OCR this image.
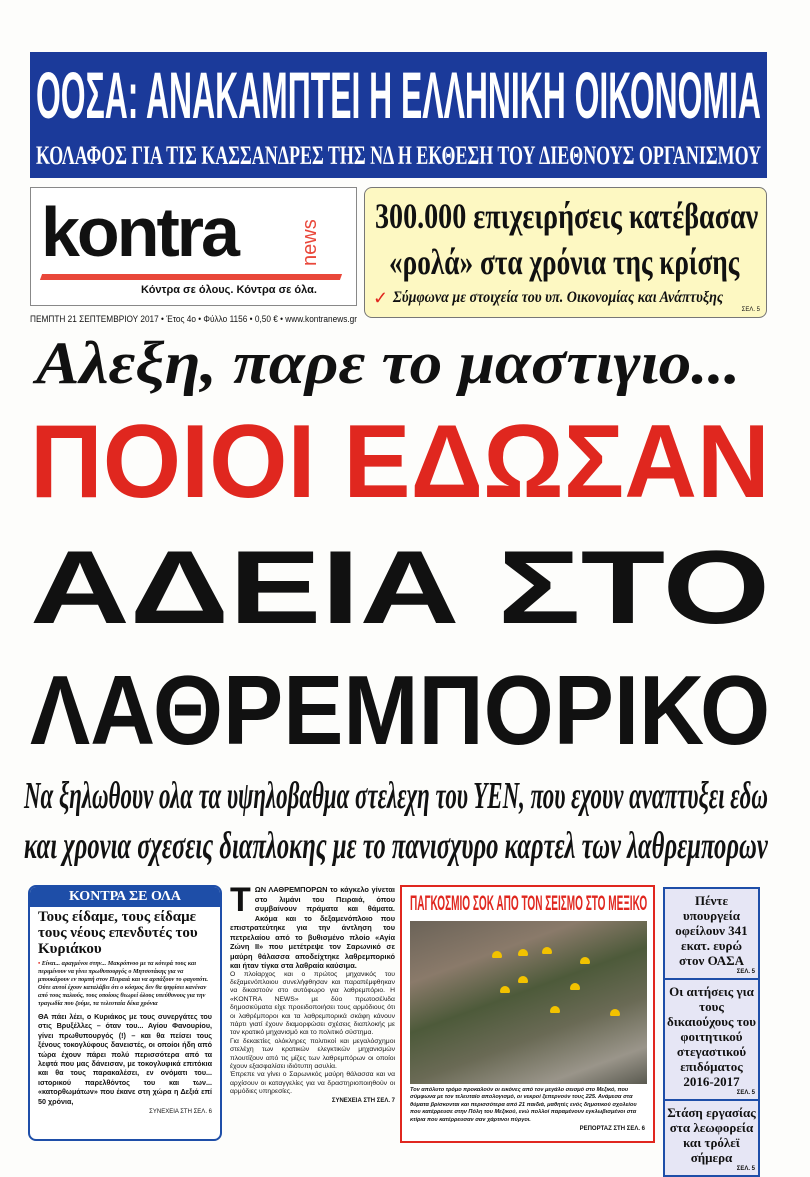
ΟΟΣΑ: ΑΝΑΚΑΜΠΤΕΙ Η ΕΛΛΗΝΙΚΗ ΟΙΚΟΝΟΜΙΑ
ΚΟΛΑΦΟΣ ΓΙΑ ΤΙΣ ΚΑΣΣΑΝΔΡΕΣ ΤΗΣ ΝΔ Η ΕΚΘΕΣΗ ΤΟΥ ΔΙΕΘΝΟΥΣ ΟΡΓΑΝΙΣΜΟΥ
kontra	news
Κόντρα σε όλους. Κόντρα σε όλα.
ΠΕΜΠΤΗ 21 ΣΕΠΤΕΜΒΡΙΟΥ 2017 • Έτος 4ο • Φύλλο 1156 • 0,50 € • www.kontranews.gr
300.000 επιχειρήσεις κατέβασαν
«ρολά» στα χρόνια της κρίσης
✓ Σύμφωνα με στοιχεία του υπ. Οικονομίας και Ανάπτυξης
ΣΕΛ. 5
Αλεξη, παρε το μαστιγιο...
ΠΟΙΟΙ ΕΔΩΣΑΝ
ΑΔΕΙΑ ΣΤΟ
ΛΑΘΡΕΜΠΟΡΙΚΟ
Να ξηλωθουν ολα τα υψηλοβαθμα στελεχη του ΥΕΝ, που εχουν αναπτυξει εδω
και χρονια σχεσεις διαπλοκης με το πανισχυρο καρτελ των λαθρεμπορων
ΚΟΝΤΡΑ ΣΕ ΟΛΑ
Τους είδαμε, τους είδαμε τους νέους επενδυτές του Κυριάκου
• Είναι... αραγμένοι στην... Μακρόπνοο με τα κότερά τους και περιμένουν να γίνει πρωθυπουργός ο Μητσοτάκης για να μπουκάρουν εν πομπή στον Πειραιά και να αρπάξουν το φαγοπότι. Ούτε αυτοί έχουν καταλάβει ότι ο κόσμος δεν θα ψηφίσει κανέναν από τους παλιούς, τους οποίους θεωρεί όλους υπεύθυνους για την τραγωδία που ζούμε, τα τελευταία δέκα χρόνια
ΘΑ πάει λέει, ο Κυριάκος με τους συνεργάτες του στις Βρυξέλλες – όταν του... Αγίου Φανουρίου, γίνει πρωθυπουργός (!) – και θα πείσει τους ξένους τοκογλύφους δανειστές, οι οποίοι ήδη από τώρα έχουν πάρει πολύ περισσότερα από τα λεφτά που μας δάνεισαν, με τοκογλυφικά επιτόκια και θα τους παρακαλέσει, εν ονόματι του... ιστορικού παρελθόντος του και των... «κατορθωμάτων» που έκανε στη χώρα η Δεξιά επί 50 χρόνια,
ΣΥΝΕΧΕΙΑ ΣΤΗ ΣΕΛ. 6
Τ ΩΝ ΛΑΘΡΕΜΠΟΡΩΝ το κάγκελο γίνεται στο λιμάνι του Πειραιά, όπου συμβαίνουν πράματα και θάματα. Ακόμα και το δεξαμενόπλοιο που επιστρατεύτηκε για την άντληση του πετρελαίου από το βυθισμένο πλοίο «Αγία Ζώνη ΙΙ» που μετέτρεψε τον Σαρωνικό σε μαύρη θάλασσα αποδείχτηκε λαθρεμπορικό και ήταν τίγκα στα λαθραία καύσιμα.

Ο πλοίαρχος και ο πρώτος μηχανικός του δεξαμενόπλοιου συνελήφθησαν και παραπέμφθηκαν να δικαστούν στο αυτόφωρο για λαθρεμπόριο. Η «KONTRA NEWS» με δύο πρωτοσέλιδα δημοσιεύματα είχε προειδοποιήσει τους αρμόδιους ότι οι λαθρέμποροι και τα λαθρεμπορικά σκάφη κάνουν πάρτι γιατί έχουν διαμορφώσει σχέσεις διαπλοκής με τον κρατικό μηχανισμό και το πολιτικό σύστημα.

Για δεκαετίες ολόκληρες πολιτικοί και μεγαλόσχημοι στελέχη των κρατικών ελεγκτικών μηχανισμών πλουτίζουν από τις μίζες των λαθρεμπόρων οι οποίοι έχουν εξασφαλίσει ιδιότυπη ασυλία.

Έπρεπε να γίνει ο Σαρωνικός μαύρη θάλασσα και να αρχίσουν οι καταγγελίες για να δραστηριοποιηθούν οι αρμόδιες υπηρεσίες.

ΣΥΝΕΧΕΙΑ ΣΤΗ ΣΕΛ. 7

ΠΑΓΚΟΣΜΙΟ ΣΟΚ ΑΠΟ ΤΟΝ ΣΕΙΣΜΟ ΣΤΟ ΜΕΞΙΚΟ
Τον απόλυτο τρόμο προκαλούν οι εικόνες από τον μεγάλο σεισμό στο Μεξικό, που σύμφωνα με τον τελευταίο απολογισμό, οι νεκροί ξεπερνούν τους 225. Ανάμεσα στα θύματα βρίσκονται και περισσότερα από 21 παιδιά, μαθητές ενός δημοτικού σχολείου που κατέρρευσε στην Πόλη του Μεξικού, ενώ πολλοί παραμένουν εγκλωβισμένοι στα κτίρια που κατέρρευσαν σαν χάρτινοι πύργοι.
ΡΕΠΟΡΤΑΖ ΣΤΗ ΣΕΛ. 6
Πέντε υπουργεία οφείλουν 341 εκατ. ευρώ στον ΟΑΣΑ
ΣΕΛ. 5
Οι αιτήσεις για τους δικαιούχους του φοιτητικού στεγαστικού επιδόματος 2016-2017
ΣΕΛ. 5
Στάση εργασίας στα λεωφορεία και τρόλεϊ σήμερα
ΣΕΛ. 5
